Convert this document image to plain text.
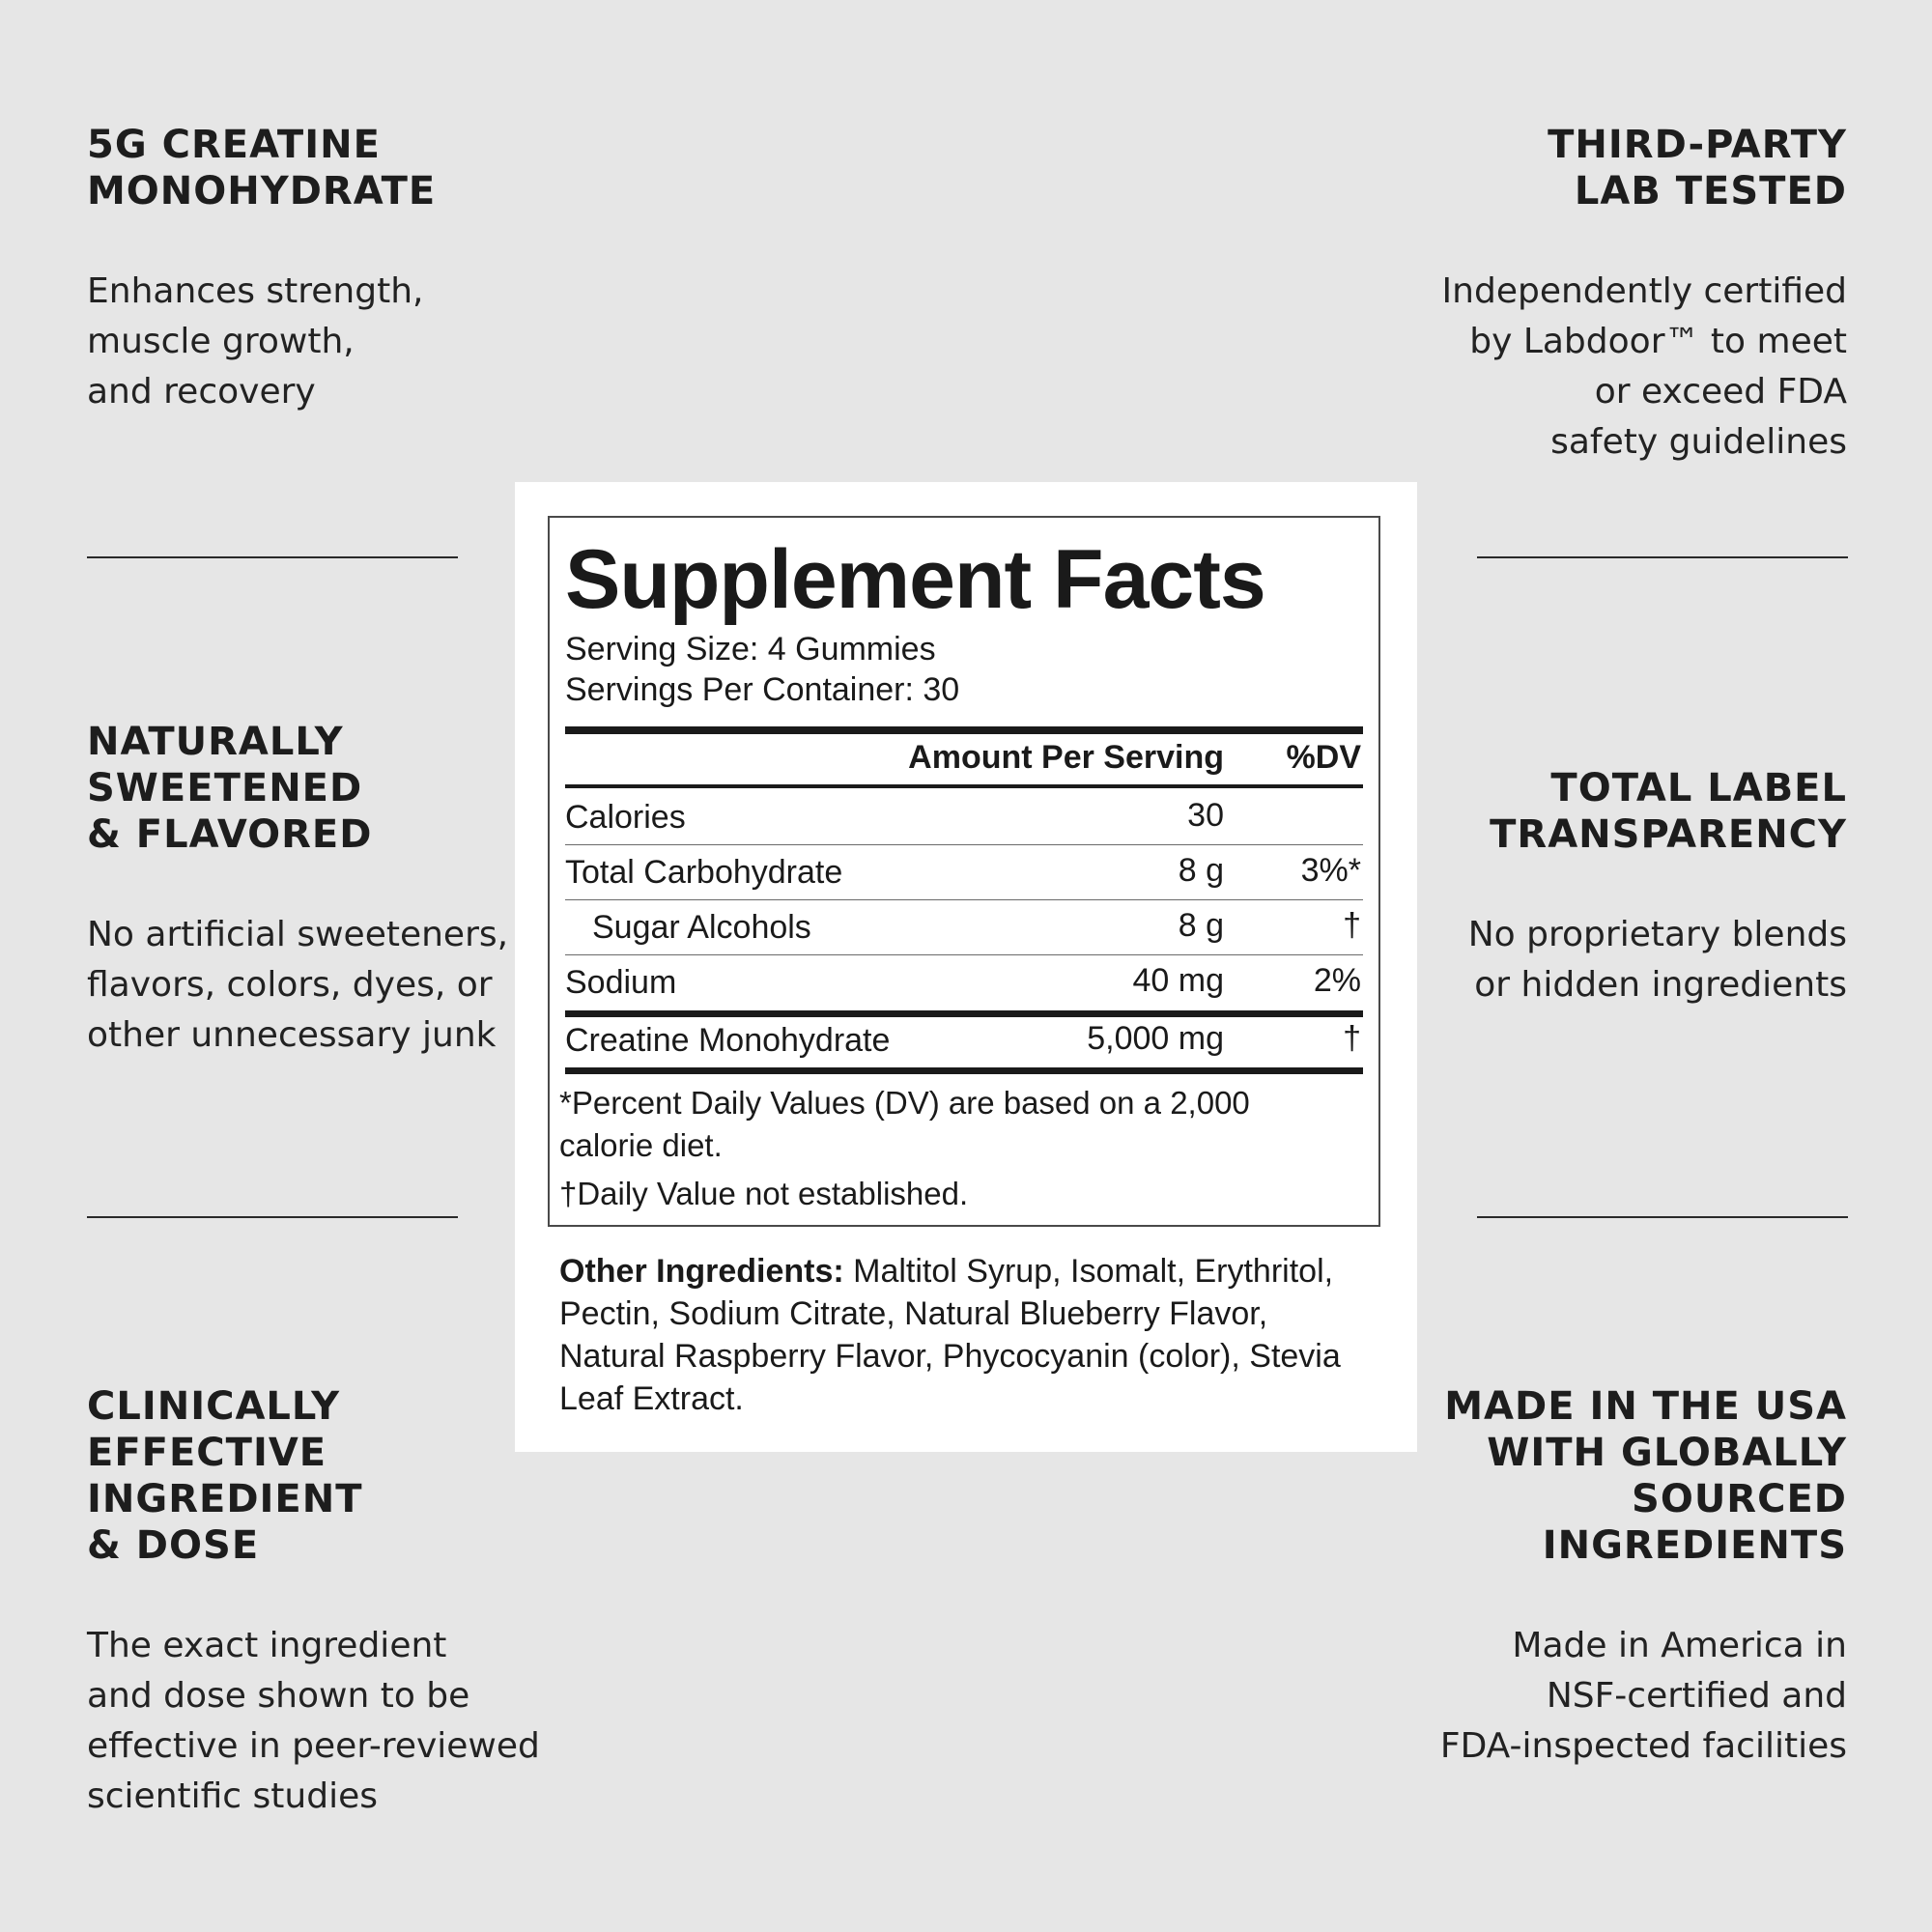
5G CREATINE
MONOHYDRATE

Enhances strength,
muscle growth,
and recovery

NATURALLY
SWEETENED
& FLAVORED

No artificial sweeteners,
flavors, colors, dyes, or
other unnecessary junk

CLINICALLY
EFFECTIVE
INGREDIENT
& DOSE

The exact ingredient
and dose shown to be
effective in peer-reviewed
scientific studies

THIRD-PARTY
LAB TESTED

Independently certified
by Labdoor™ to meet
or exceed FDA
safety guidelines

TOTAL LABEL
TRANSPARENCY

No proprietary blends
or hidden ingredients

MADE IN THE USA
WITH GLOBALLY
SOURCED
INGREDIENTS

Made in America in
NSF-certified and
FDA-inspected facilities

Supplement Facts
Serving Size: 4 Gummies
Servings Per Container: 30
Amount Per Serving %DV
Calories	30
Total Carbohydrate	8 g 3%*
Sugar Alcohols	8 g	†
Sodium	40 mg	2%
Creatine Monohydrate	5,000 mg	†
*Percent Daily Values (DV) are based on a 2,000 calorie diet.
†Daily Value not established.
Other Ingredients: Maltitol Syrup, Isomalt, Erythritol, Pectin, Sodium Citrate, Natural Blueberry Flavor, Natural Raspberry Flavor, Phycocyanin (color), Stevia Leaf Extract.
